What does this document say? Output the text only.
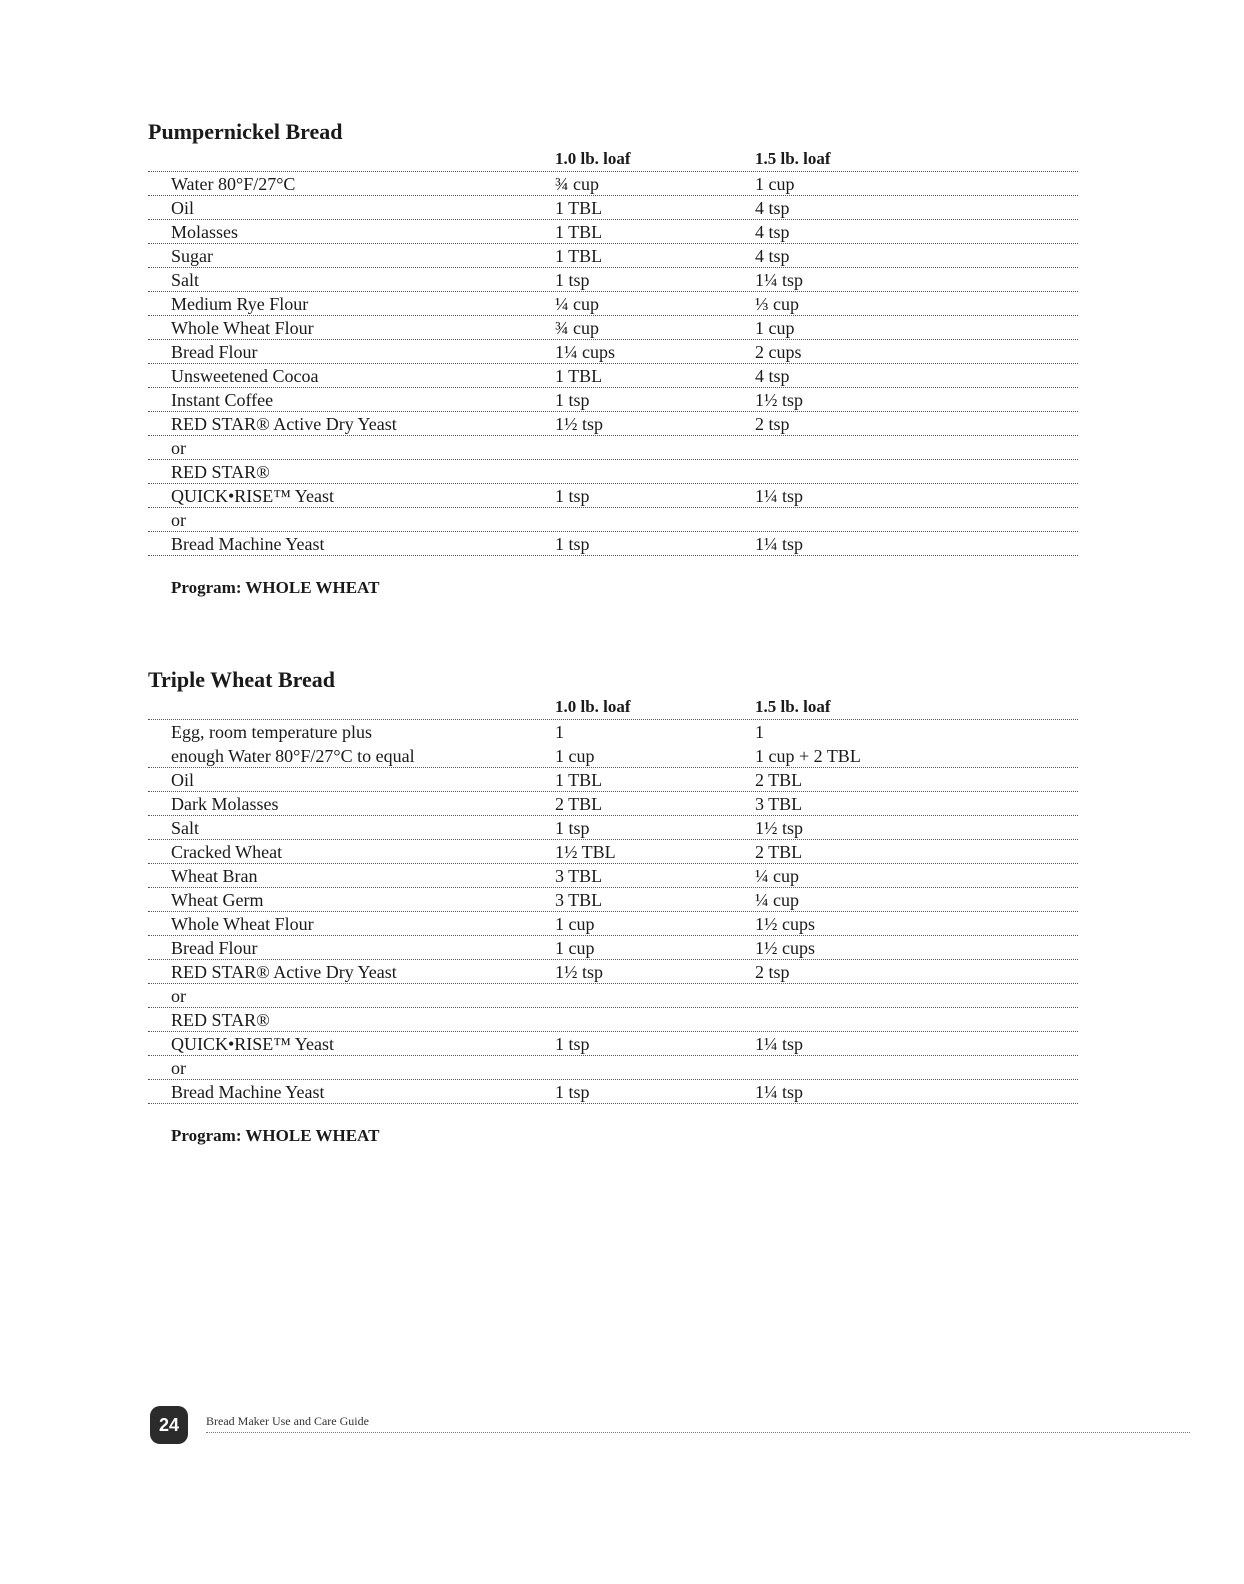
Pumpernickel Bread
1.0 lb. loaf	1.5 lb. loaf
Water 80°F/27°C	¾ cup	1 cup
Oil	1 TBL	4 tsp
Molasses	1 TBL	4 tsp
Sugar	1 TBL	4 tsp
Salt	1 tsp	1¼ tsp
Medium Rye Flour	¼ cup	⅓ cup
Whole Wheat Flour	¾ cup	1 cup
Bread Flour	1¼ cups	2 cups
Unsweetened Cocoa	1 TBL	4 tsp
Instant Coffee	1 tsp	1½ tsp
RED STAR® Active Dry Yeast	1½ tsp	2 tsp
or
RED STAR®
QUICK•RISE™ Yeast	1 tsp	1¼ tsp
or
Bread Machine Yeast	1 tsp	1¼ tsp
Program: WHOLE WHEAT
Triple Wheat Bread
1.0 lb. loaf	1.5 lb. loaf
Egg, room temperature plus	1	1
enough Water 80°F/27°C to equal	1 cup	1 cup + 2 TBL
Oil	1 TBL	2 TBL
Dark Molasses	2 TBL	3 TBL
Salt	1 tsp	1½ tsp
Cracked Wheat	1½ TBL	2 TBL
Wheat Bran	3 TBL	¼ cup
Wheat Germ	3 TBL	¼ cup
Whole Wheat Flour	1 cup	1½ cups
Bread Flour	1 cup	1½ cups
RED STAR® Active Dry Yeast	1½ tsp	2 tsp
or
RED STAR®
QUICK•RISE™ Yeast	1 tsp	1¼ tsp
or
Bread Machine Yeast	1 tsp	1¼ tsp
Program: WHOLE WHEAT
24	Bread Maker Use and Care Guide
